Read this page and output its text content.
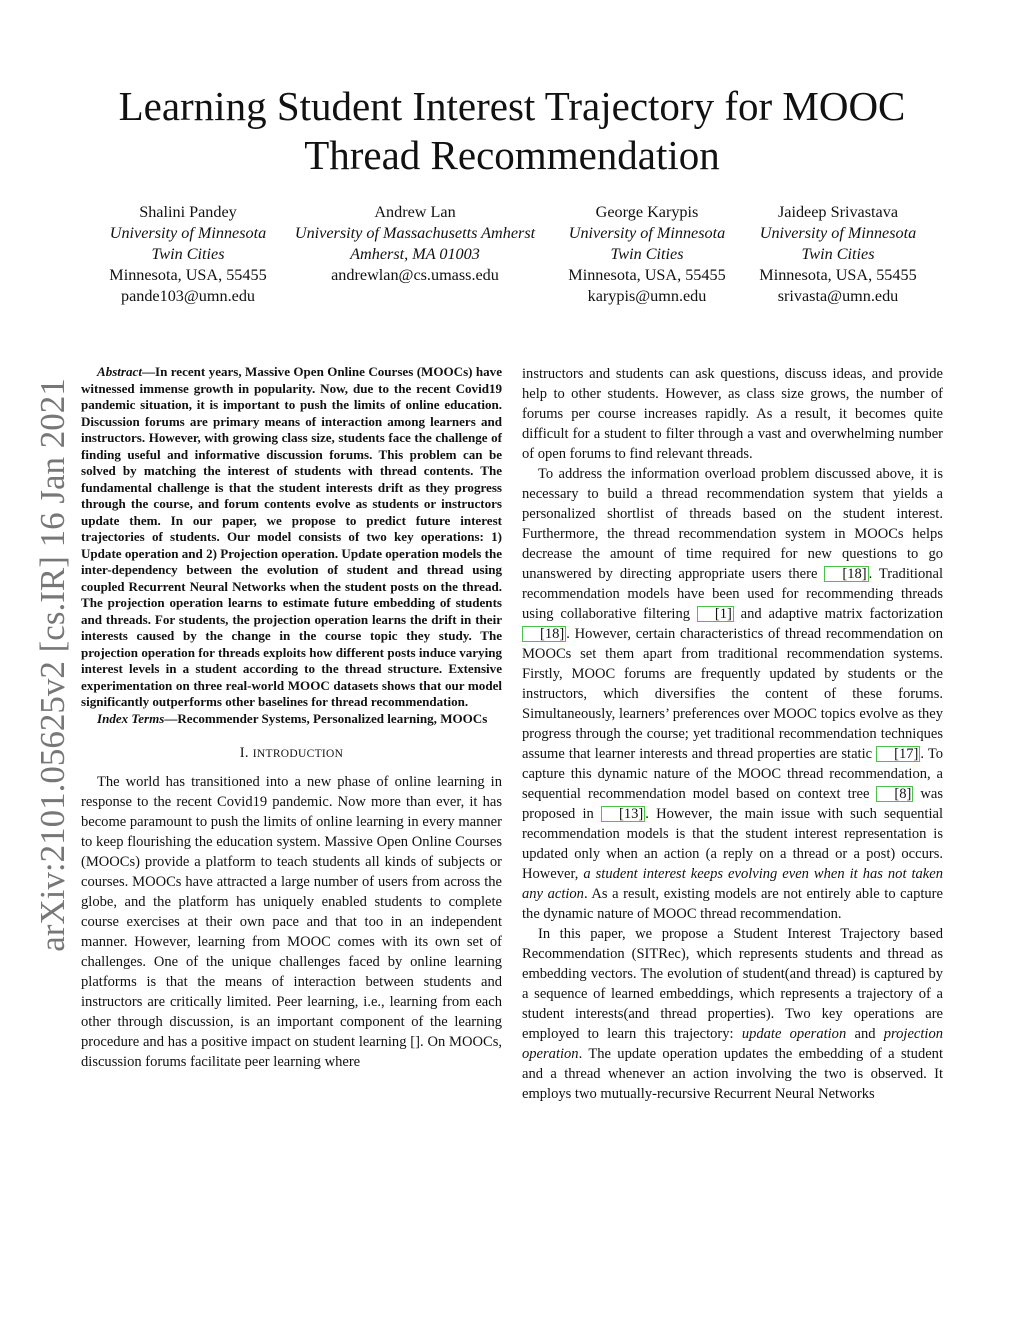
Learning Student Interest Trajectory for MOOC Thread Recommendation
Shalini Pandey
University of Minnesota
Twin Cities
Minnesota, USA, 55455
pande103@umn.edu
Andrew Lan
University of Massachusetts Amherst
Amherst, MA 01003
andrewlan@cs.umass.edu
George Karypis
University of Minnesota
Twin Cities
Minnesota, USA, 55455
karypis@umn.edu
Jaideep Srivastava
University of Minnesota
Twin Cities
Minnesota, USA, 55455
srivasta@umn.edu
arXiv:2101.05625v2 [cs.IR] 16 Jan 2021

Abstract—In recent years, Massive Open Online Courses (MOOCs) have witnessed immense growth in popularity. Now, due to the recent Covid19 pandemic situation, it is important to push the limits of online education. Discussion forums are primary means of interaction among learners and instructors. However, with growing class size, students face the challenge of finding useful and informative discussion forums. This problem can be solved by matching the interest of students with thread contents. The fundamental challenge is that the student interests drift as they progress through the course, and forum contents evolve as students or instructors update them. In our paper, we propose to predict future interest trajectories of students. Our model consists of two key operations: 1) Update operation and 2) Projection operation. Update operation models the inter-dependency between the evolution of student and thread using coupled Recurrent Neural Networks when the student posts on the thread. The projection operation learns to estimate future embedding of students and threads. For students, the projection operation learns the drift in their interests caused by the change in the course topic they study. The projection operation for threads exploits how different posts induce varying interest levels in a student according to the thread structure. Extensive experimentation on three real-world MOOC datasets shows that our model significantly outperforms other baselines for thread recommendation.

Index Terms—Recommender Systems, Personalized learning, MOOCs

I. INTRODUCTION

The world has transitioned into a new phase of online learning in response to the recent Covid19 pandemic. Now more than ever, it has become paramount to push the limits of online learning in every manner to keep flourishing the education system. Massive Open Online Courses (MOOCs) provide a platform to teach students all kinds of subjects or courses. MOOCs have attracted a large number of users from across the globe, and the platform has uniquely enabled students to complete course exercises at their own pace and that too in an independent manner. However, learning from MOOC comes with its own set of challenges. One of the unique challenges faced by online learning platforms is that the means of interaction between students and instructors are critically limited. Peer learning, i.e., learning from each other through discussion, is an important component of the learning procedure and has a positive impact on student learning []. On MOOCs, discussion forums facilitate peer learning where

instructors and students can ask questions, discuss ideas, and provide help to other students. However, as class size grows, the number of forums per course increases rapidly. As a result, it becomes quite difficult for a student to filter through a vast and overwhelming number of open forums to find relevant threads.

To address the information overload problem discussed above, it is necessary to build a thread recommendation system that yields a personalized shortlist of threads based on the student interest. Furthermore, the thread recommendation system in MOOCs helps decrease the amount of time required for new questions to go unanswered by directing appropriate users there [18] . Traditional recommendation models have been used for recommending threads using collaborative filtering [1] and adaptive matrix factorization [18] . However, certain characteristics of thread recommendation on MOOCs set them apart from traditional recommendation systems. Firstly, MOOC forums are frequently updated by students or the instructors, which diversifies the content of these forums. Simultaneously, learners’ preferences over MOOC topics evolve as they progress through the course; yet traditional recommendation techniques assume that learner interests and thread properties are static [17] . To capture this dynamic nature of the MOOC thread recommendation, a sequential recommendation model based on context tree [8] was proposed in [13] . However, the main issue with such sequential recommendation models is that the student interest representation is updated only when an action (a reply on a thread or a post) occurs. However, a student interest keeps evolving even when it has not taken any action. As a result, existing models are not entirely able to capture the dynamic nature of MOOC thread recommendation.

In this paper, we propose a Student Interest Trajectory based Recommendation (SITRec), which represents students and thread as embedding vectors. The evolution of student(and thread) is captured by a sequence of learned embeddings, which represents a trajectory of a student interests(and thread properties). Two key operations are employed to learn this trajectory: update operation and projection operation. The update operation updates the embedding of a student and a thread whenever an action involving the two is observed. It employs two mutually-recursive Recurrent Neural Networks
